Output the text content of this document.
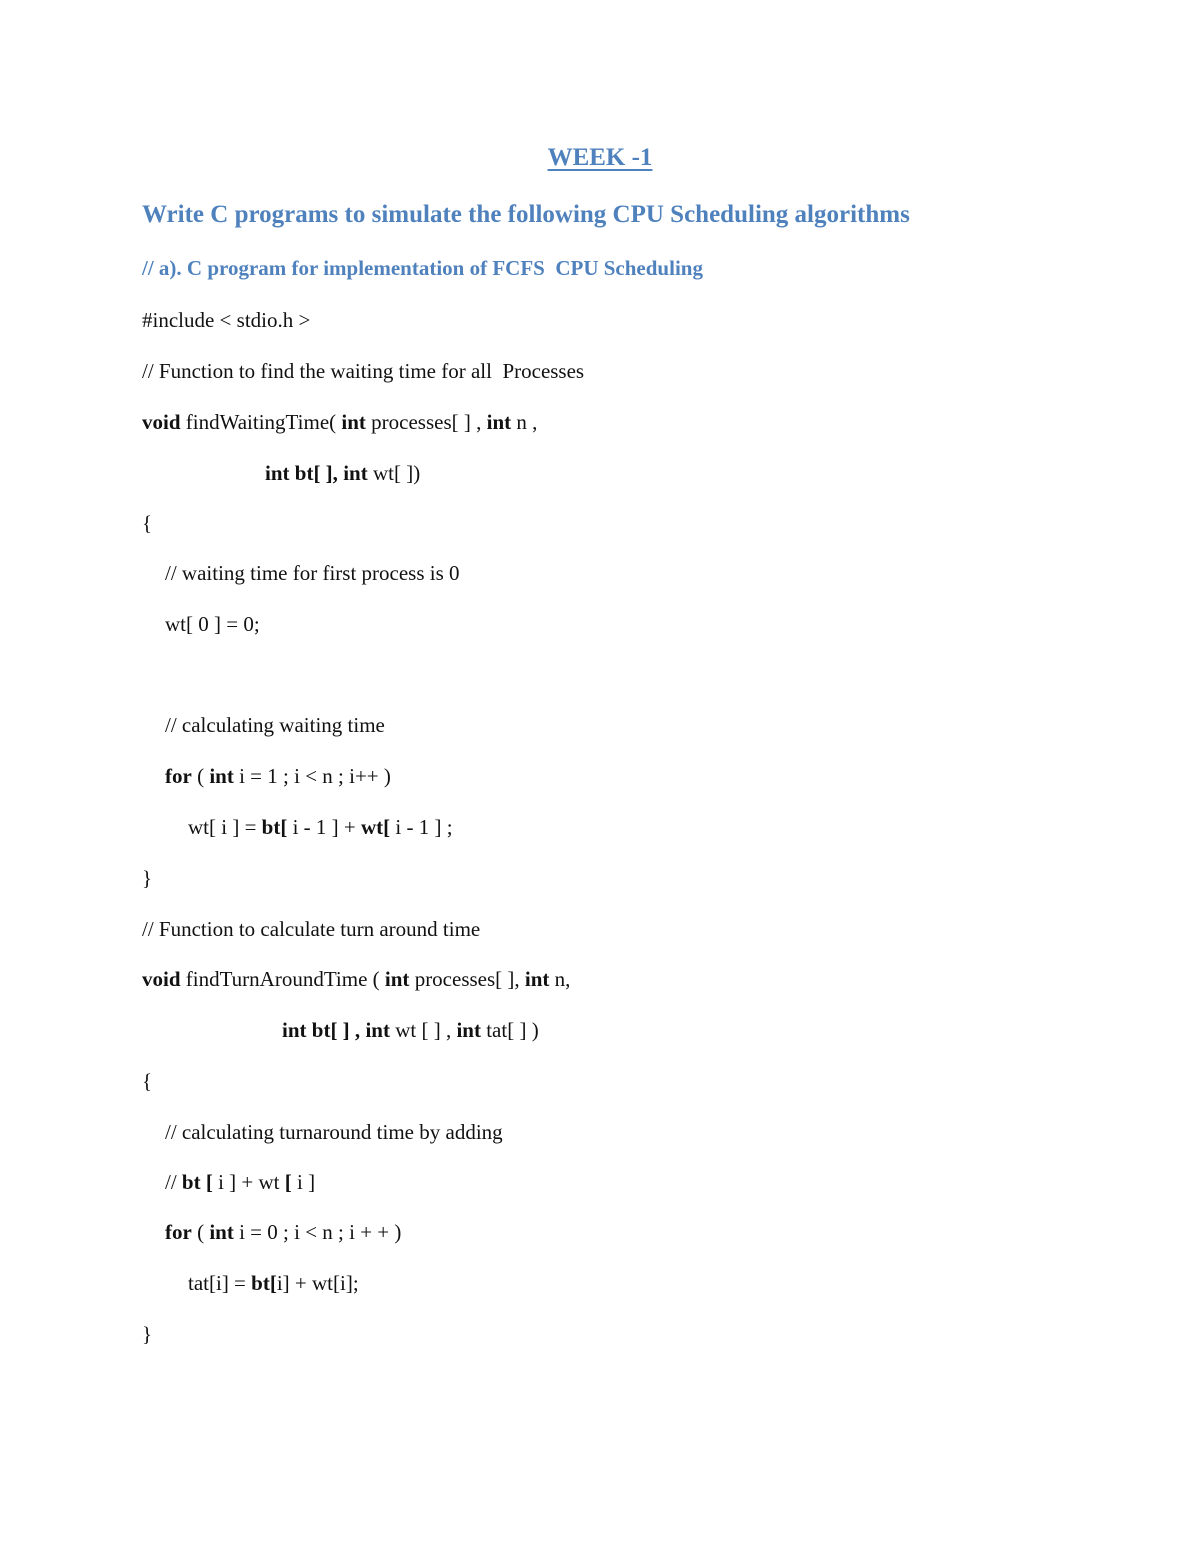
WEEK -1
Write C programs to simulate the following CPU Scheduling algorithms
// a). C program for implementation of FCFS  CPU Scheduling
#include < stdio.h >
// Function to find the waiting time for all  Processes
void findWaitingTime( int processes[ ] , int n ,
int bt[ ], int wt[ ])
{
// waiting time for first process is 0
wt[ 0 ] = 0;
// calculating waiting time
for ( int i = 1 ; i < n ; i++ )
wt[ i ] = bt[ i - 1 ] + wt[ i - 1 ] ;
}
// Function to calculate turn around time
void findTurnAroundTime ( int processes[ ], int n,
int bt[ ] , int wt [ ] , int tat[ ] )
{
// calculating turnaround time by adding
// bt [ i ] + wt [ i ]
for ( int i = 0 ; i < n ; i + + )
tat[i] = bt[i] + wt[i];
}
